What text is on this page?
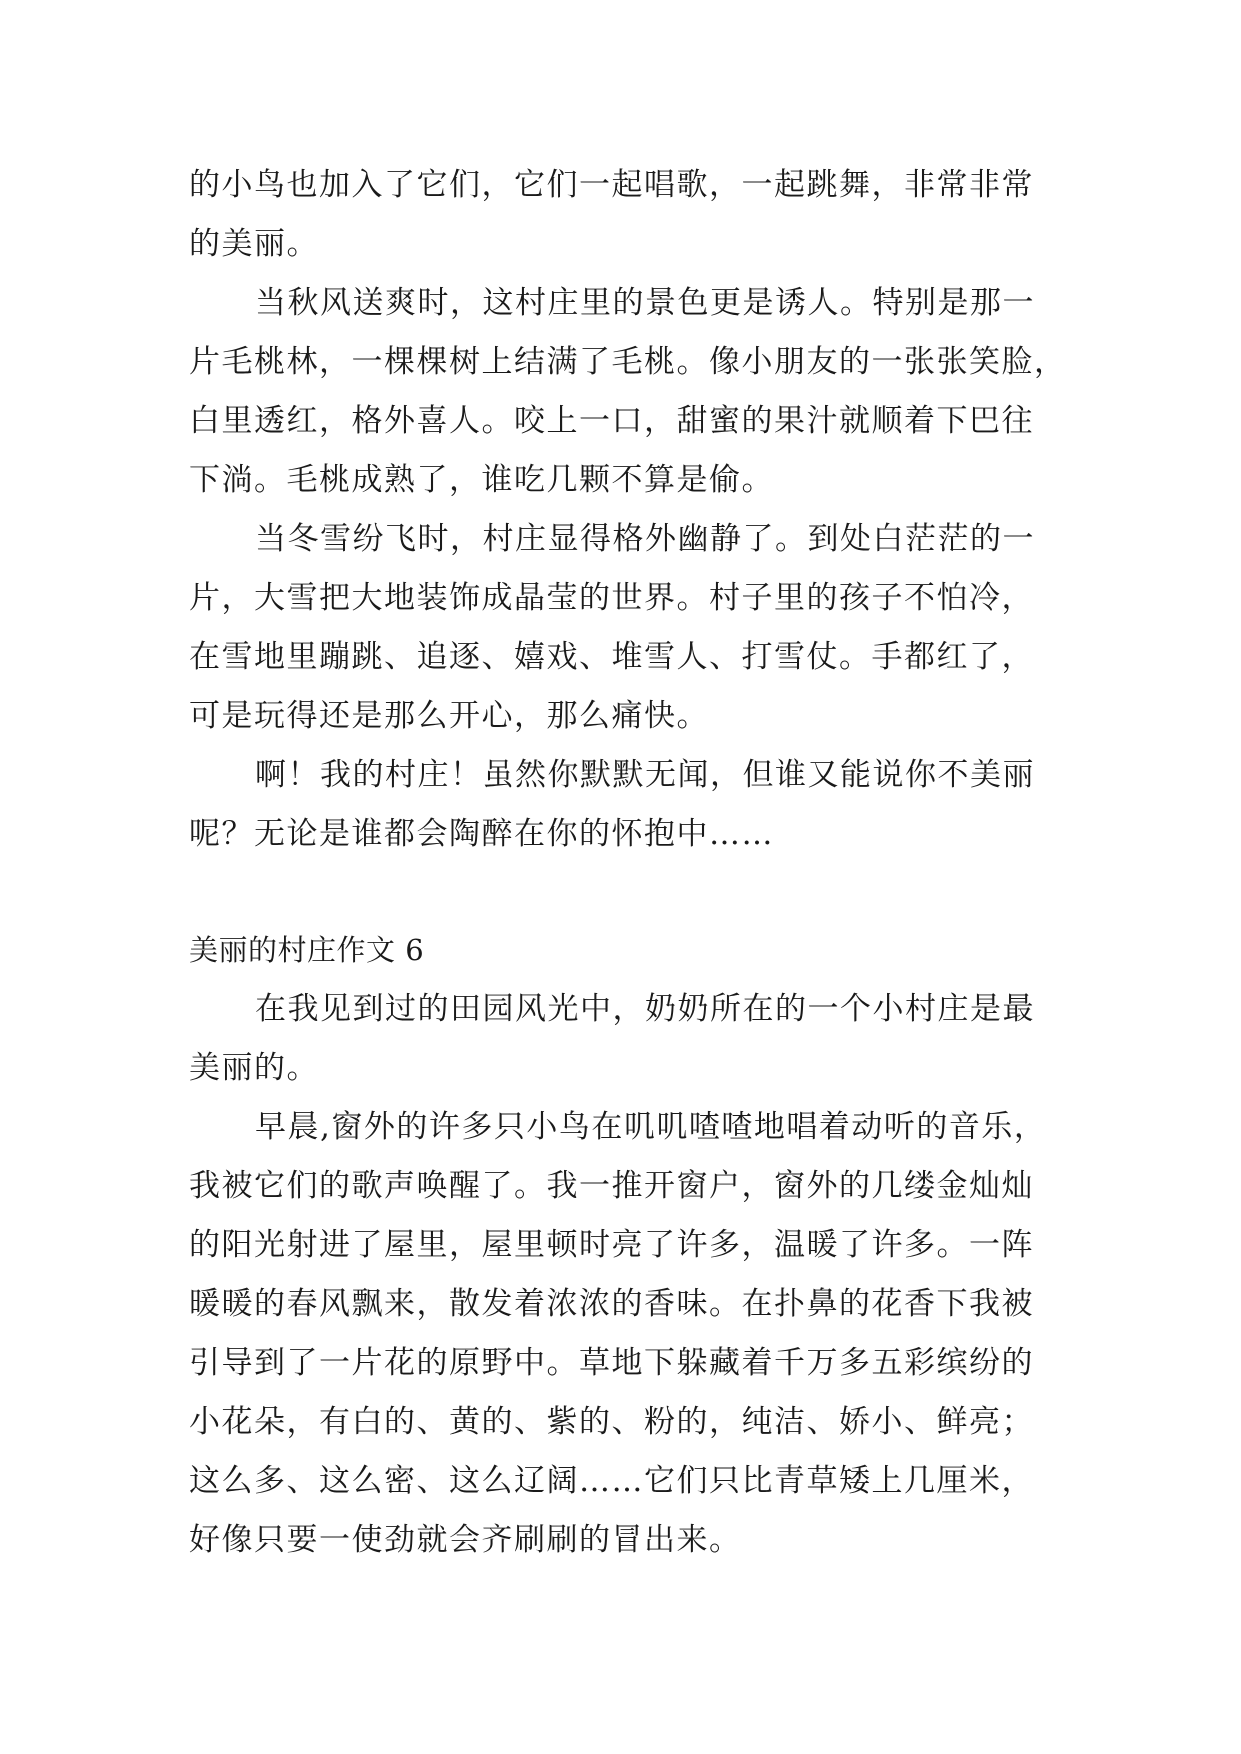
的小鸟也加入了它们，它们一起唱歌，一起跳舞，非常非常
的美丽。
当秋风送爽时，这村庄里的景色更是诱人。特别是那一
片毛桃林，一棵棵树上结满了毛桃。像小朋友的一张张笑脸，
白里透红，格外喜人。咬上一口，甜蜜的果汁就顺着下巴往
下淌。毛桃成熟了，谁吃几颗不算是偷。
当冬雪纷飞时，村庄显得格外幽静了。到处白茫茫的一
片，大雪把大地装饰成晶莹的世界。村子里的孩子不怕冷，
在雪地里蹦跳、追逐、嬉戏、堆雪人、打雪仗。手都红了，
可是玩得还是那么开心，那么痛快。
啊！我的村庄！虽然你默默无闻，但谁又能说你不美丽
呢？无论是谁都会陶醉在你的怀抱中……
美丽的村庄作文 6
在我见到过的田园风光中，奶奶所在的一个小村庄是最
美丽的。
早晨,窗外的许多只小鸟在叽叽喳喳地唱着动听的音乐，
我被它们的歌声唤醒了。我一推开窗户，窗外的几缕金灿灿
的阳光射进了屋里，屋里顿时亮了许多，温暖了许多。一阵
暖暖的春风飘来，散发着浓浓的香味。在扑鼻的花香下我被
引导到了一片花的原野中。草地下躲藏着千万多五彩缤纷的
小花朵，有白的、黄的、紫的、粉的，纯洁、娇小、鲜亮；
这么多、这么密、这么辽阔……它们只比青草矮上几厘米，
好像只要一使劲就会齐刷刷的冒出来。
